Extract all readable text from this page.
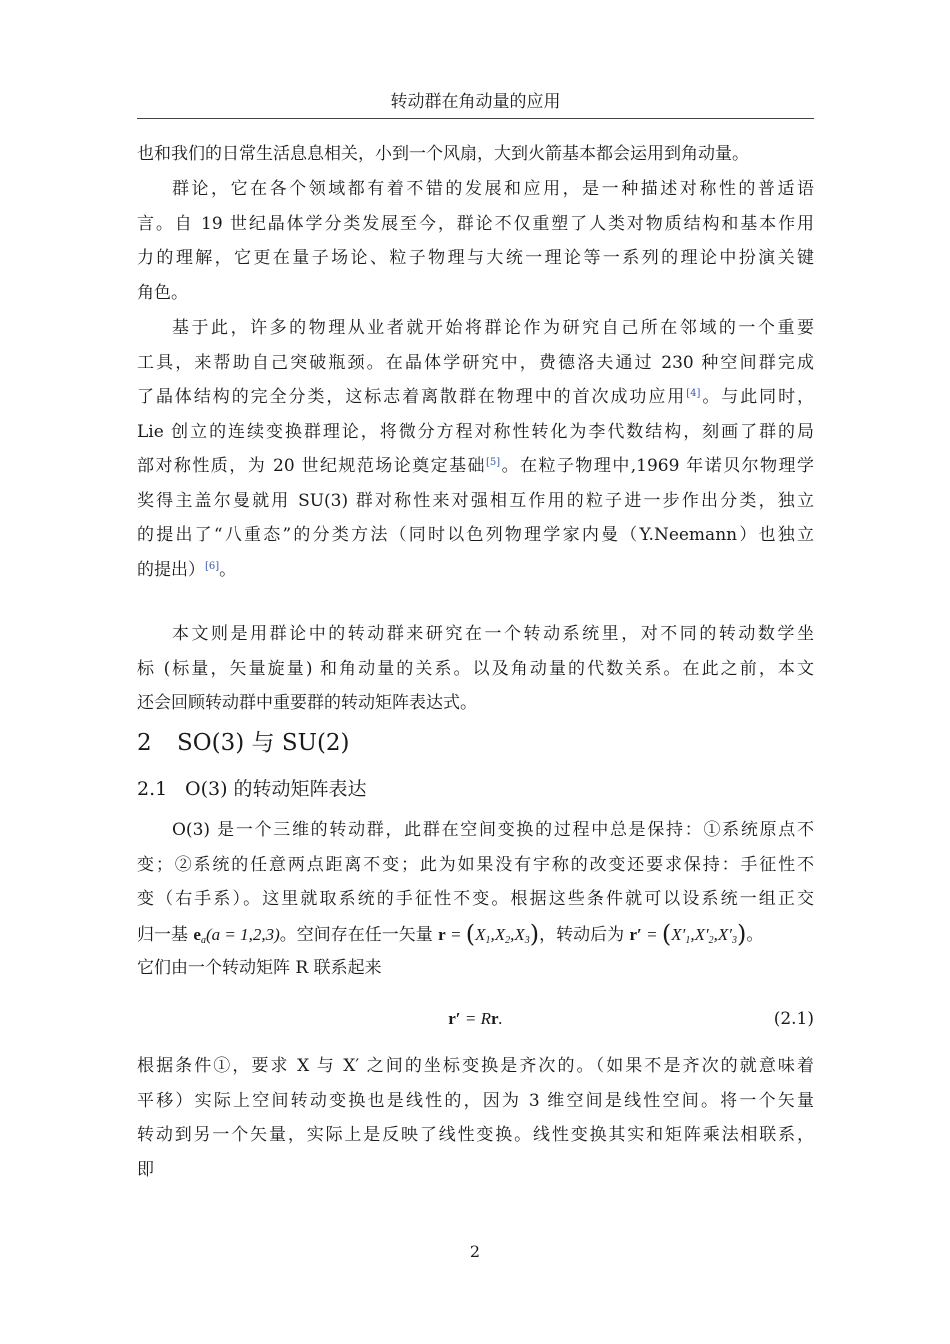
转动群在角动量的应用
也和我们的日常生活息息相关，小到一个风扇，大到火箭基本都会运用到角动量。
群论，它在各个领域都有着不错的发展和应用，是一种描述对称性的普适语
言。自 19 世纪晶体学分类发展至今，群论不仅重塑了人类对物质结构和基本作用
力的理解，它更在量子场论、粒子物理与大统一理论等一系列的理论中扮演关键
角色。
基于此，许多的物理从业者就开始将群论作为研究自己所在邻域的一个重要
工具，来帮助自己突破瓶颈。在晶体学研究中，费德洛夫通过 230 种空间群完成
了晶体结构的完全分类，这标志着离散群在物理中的首次成功应用[4]。与此同时，
Lie 创立的连续变换群理论，将微分方程对称性转化为李代数结构，刻画了群的局
部对称性质，为 20 世纪规范场论奠定基础[5]。在粒子物理中,1969 年诺贝尔物理学
奖得主盖尔曼就用 SU(3) 群对称性来对强相互作用的粒子进一步作出分类，独立
的提出了“八重态”的分类方法（同时以色列物理学家内曼（Y.Neemann）也独立
的提出）[6]。
本文则是用群论中的转动群来研究在一个转动系统里，对不同的转动数学坐
标 (标量，矢量旋量) 和角动量的关系。以及角动量的代数关系。在此之前，本文
还会回顾转动群中重要群的转动矩阵表达式。
2 SO(3) 与 SU(2)
2.1 O(3) 的转动矩阵表达
O(3) 是一个三维的转动群，此群在空间变换的过程中总是保持：①系统原点不
变；②系统的任意两点距离不变；此为如果没有宇称的改变还要求保持：手征性不
变（右手系）。这里就取系统的手征性不变。根据这些条件就可以设系统一组正交
归一基 $e_a(a = 1,2,3)$。空间存在任一矢量 $r = (X_1,X_2,X_3)$，转动后为 $r' = (X'_1,X'_2,X'_3)$。
它们由一个转动矩阵 R 联系起来
r′ = Rr.	(2.1)
根据条件①，要求 X 与 X′ 之间的坐标变换是齐次的。（如果不是齐次的就意味着
平移）实际上空间转动变换也是线性的，因为 3 维空间是线性空间。将一个矢量
转动到另一个矢量，实际上是反映了线性变换。线性变换其实和矩阵乘法相联系，
即
2
